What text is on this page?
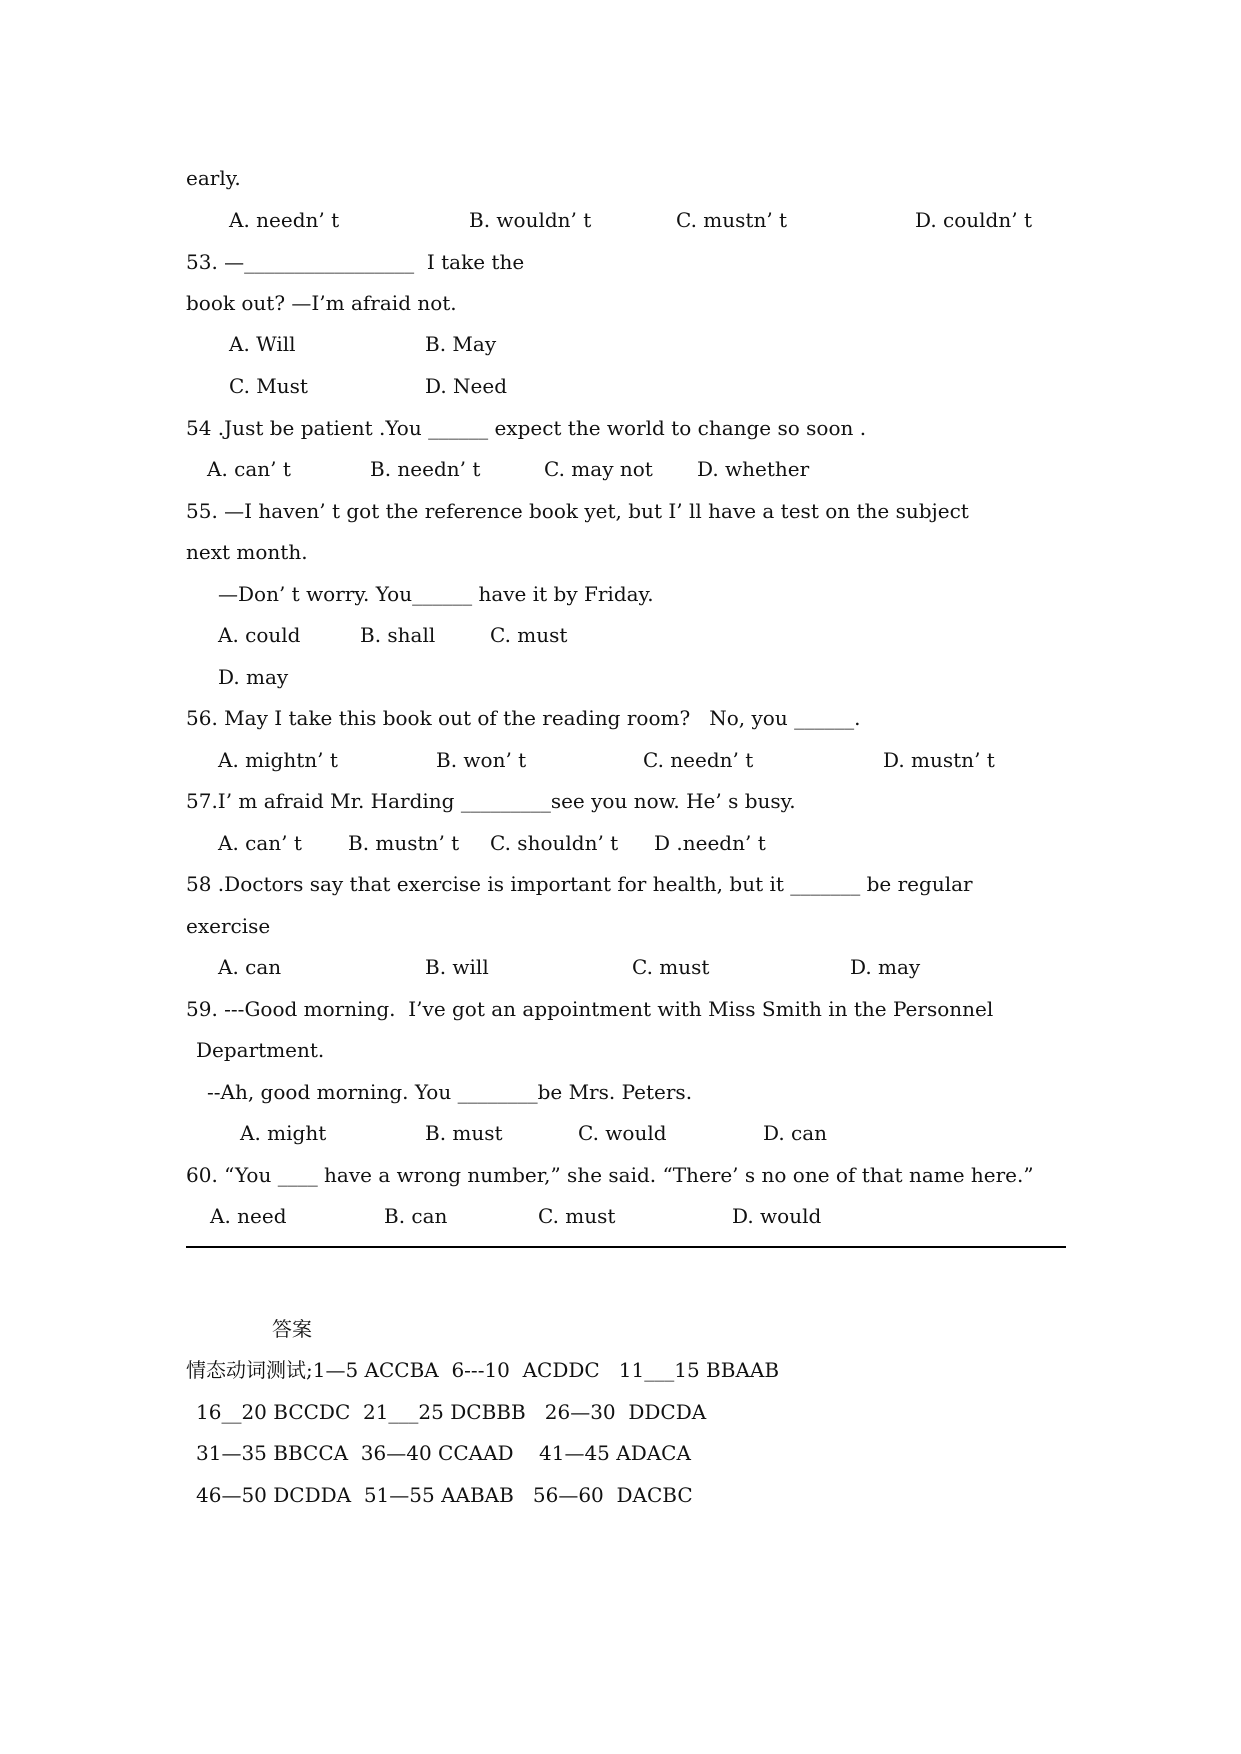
early.
A. needn’ t	B. wouldn’ t	C. mustn’ t	D. couldn’ t
53. —_________________  I take the
book out? —I’m afraid not.
A. Will	B. May
C. Must	D. Need
54 .Just be patient .You ______ expect the world to change so soon .
A. can’ t	B. needn’ t	C. may not D. whether
55. —I haven’ t got the reference book yet, but I’ ll have a test on the subject
next month.
—Don’ t worry. You______ have it by Friday.
A. could	B. shall	C. must
D. may
56. May I take this book out of the reading room?   No, you ______.
A. mightn’ t	B. won’ t	C. needn’ t	D. mustn’ t
57.I’ m afraid Mr. Harding _________see you now. He’ s busy.
A. can’ t B. mustn’ t C. shouldn’ t D .needn’ t
58 .Doctors say that exercise is important for health, but it _______ be regular
exercise
A. can	B. will	C. must	D. may
59. ---Good morning.  I’ve got an appointment with Miss Smith in the Personnel
Department.
--Ah, good morning. You ________be Mrs. Peters.
A. might	B. must	C. would	D. can
60. “You ____ have a wrong number,” she said. “There’ s no one of that name here.”
A. need	B. can	C. must	D. would
答案
情态动词测试;1—5 ACCBA  6---10  ACDDC   11___15 BBAAB
16__20 BCCDC  21___25 DCBBB   26—30  DDCDA
31—35 BBCCA  36—40 CCAAD    41—45 ADACA
46—50 DCDDA  51—55 AABAB   56—60  DACBC
